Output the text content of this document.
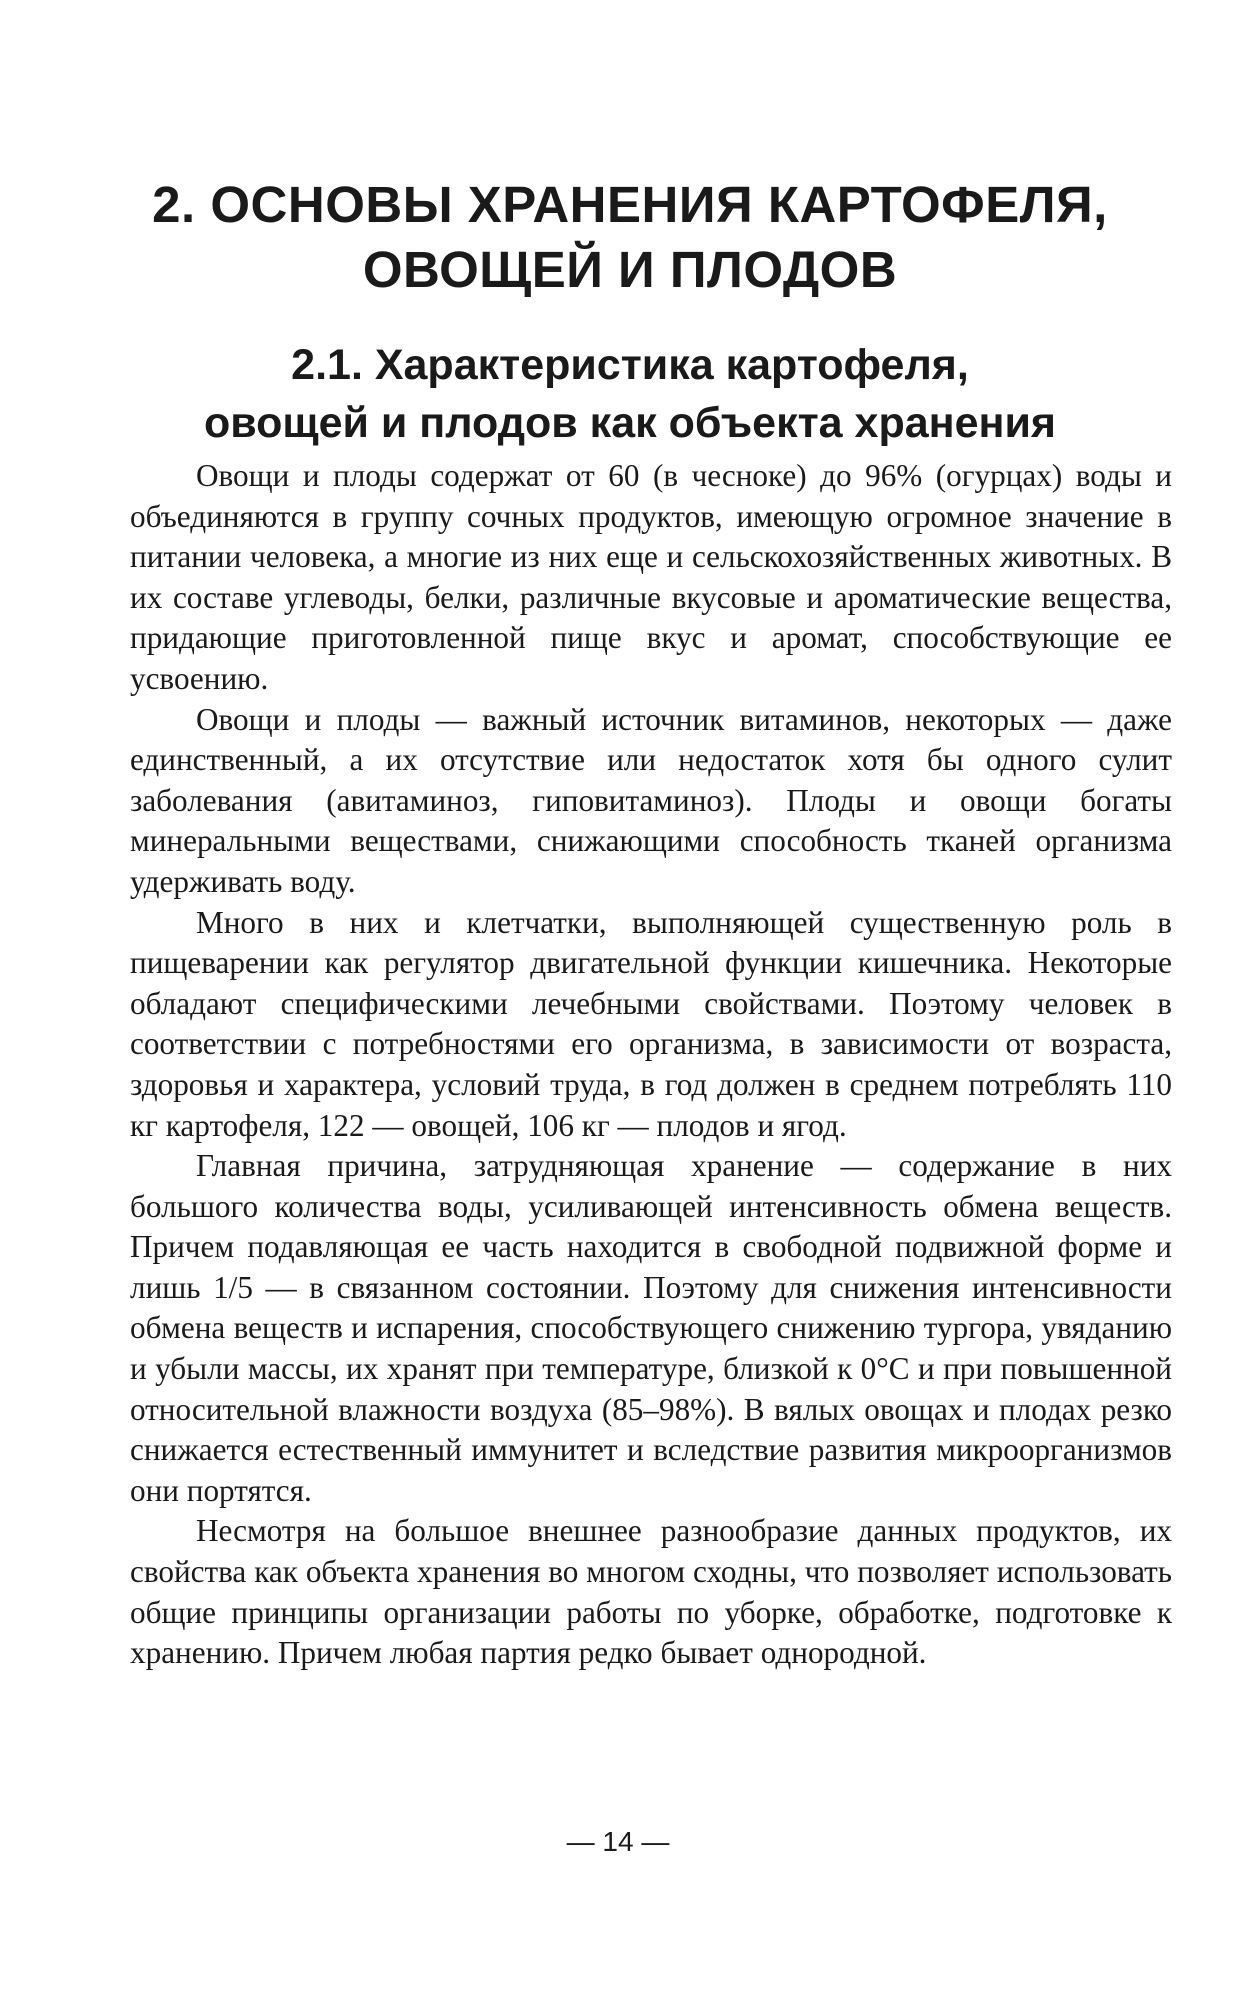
2. ОСНОВЫ ХРАНЕНИЯ КАРТОФЕЛЯ,
ОВОЩЕЙ И ПЛОДОВ
2.1. Характеристика картофеля,
овощей и плодов как объекта хранения

Овощи и плоды содержат от 60 (в чесноке) до 96% (огурцах) воды и объединяются в группу сочных продуктов, имеющую огромное значение в питании человека, а многие из них еще и сельскохозяйственных животных. В их составе углеводы, белки, различные вкусовые и ароматические вещества, придающие приготовленной пище вкус и аромат, способствующие ее усвоению.

Овощи и плоды — важный источник витаминов, некоторых — даже единственный, а их отсутствие или недостаток хотя бы одного сулит заболевания (авитаминоз, гиповитаминоз). Плоды и овощи богаты минеральными веществами, снижающими способность тканей организма удерживать воду.

Много в них и клетчатки, выполняющей существенную роль в пищеварении как регулятор двигательной функции кишечника. Некоторые обладают специфическими лечебными свойствами. Поэтому человек в соответствии с потребностями его организма, в зависимости от возраста, здоровья и характера, условий труда, в год должен в среднем потреблять 110 кг картофеля, 122 — овощей, 106 кг — плодов и ягод.

Главная причина, затрудняющая хранение — содержание в них большого количества воды, усиливающей интенсивность обмена веществ. Причем подавляющая ее часть находится в свободной подвижной форме и лишь 1/5 — в связанном состоянии. Поэтому для снижения интенсивности обмена веществ и испарения, способствующего снижению тургора, увяданию и убыли массы, их хранят при температуре, близкой к 0°С и при повышенной относительной влажности воздуха (85–98%). В вялых овощах и плодах резко снижается естественный иммунитет и вследствие развития микроорганизмов они портятся.

Несмотря на большое внешнее разнообразие данных продуктов, их свойства как объекта хранения во многом сходны, что позволяет использовать общие принципы организации работы по уборке, обработке, подготовке к хранению. Причем любая партия редко бывает однородной.

— 14 —
